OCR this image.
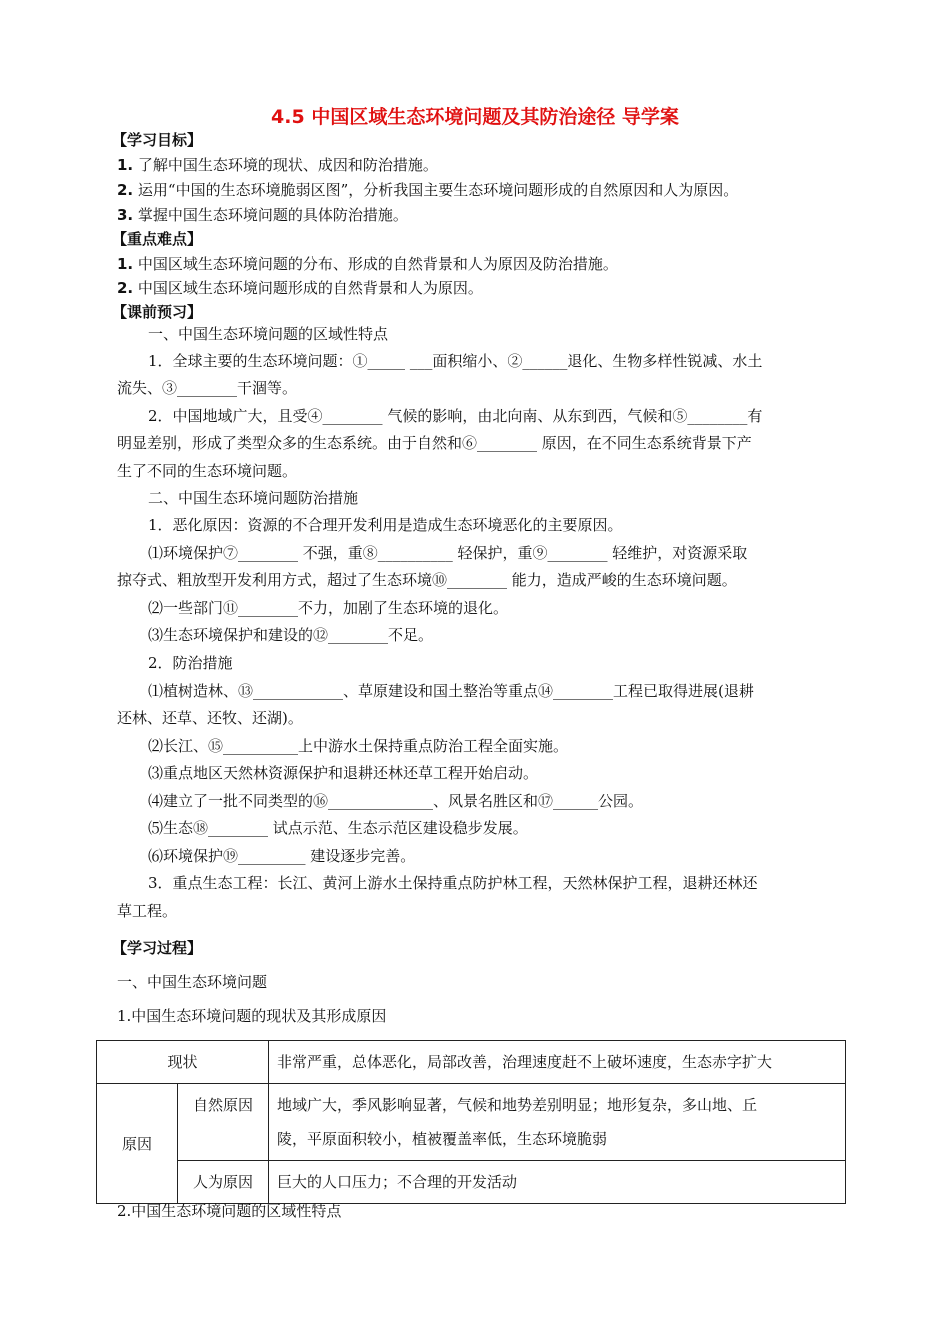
4.5 中国区域生态环境问题及其防治途径 导学案
【学习目标】
1. 了解中国生态环境的现状、成因和防治措施。
2. 运用“中国的生态环境脆弱区图”，分析我国主要生态环境问题形成的自然原因和人为原因。
3. 掌握中国生态环境问题的具体防治措施。
【重点难点】
1. 中国区域生态环境问题的分布、形成的自然背景和人为原因及防治措施。
2. 中国区域生态环境问题形成的自然背景和人为原因。
【课前预习】
一、中国生态环境问题的区域性特点
1．全球主要的生态环境问题：①_____ ___面积缩小、②______退化、生物多样性锐减、水土
流失、③________干涸等。
2．中国地域广大，且受④________ 气候的影响，由北向南、从东到西，气候和⑤________有
明显差别，形成了类型众多的生态系统。由于自然和⑥________ 原因，在不同生态系统背景下产
生了不同的生态环境问题。
二、中国生态环境问题防治措施
1．恶化原因：资源的不合理开发利用是造成生态环境恶化的主要原因。
⑴环境保护⑦________ 不强，重⑧__________ 轻保护，重⑨________ 轻维护，对资源采取
掠夺式、粗放型开发利用方式，超过了生态环境⑩________ 能力，造成严峻的生态环境问题。
⑵一些部门⑪________不力，加剧了生态环境的退化。
⑶生态环境保护和建设的⑫________不足。
2．防治措施
⑴植树造林、⑬____________、草原建设和国土整治等重点⑭________工程已取得进展(退耕
还林、还草、还牧、还湖)。
⑵长江、⑮__________上中游水土保持重点防治工程全面实施。
⑶重点地区天然林资源保护和退耕还林还草工程开始启动。
⑷建立了一批不同类型的⑯______________、风景名胜区和⑰______公园。
⑸生态⑱________ 试点示范、生态示范区建设稳步发展。
⑹环境保护⑲_________ 建设逐步完善。
3．重点生态工程：长江、黄河上游水土保持重点防护林工程，天然林保护工程，退耕还林还
草工程。
【学习过程】
一、中国生态环境问题
1.中国生态环境问题的现状及其形成原因
现状		非常严重，总体恶化，局部改善，治理速度赶不上破坏速度，生态赤字扩大
原因	自然原因	地域广大，季风影响显著，气候和地势差别明显；地形复杂，多山地、丘
陵，平原面积较小，植被覆盖率低，生态环境脆弱

	人为原因	巨大的人口压力；不合理的开发活动
2.中国生态环境问题的区域性特点
